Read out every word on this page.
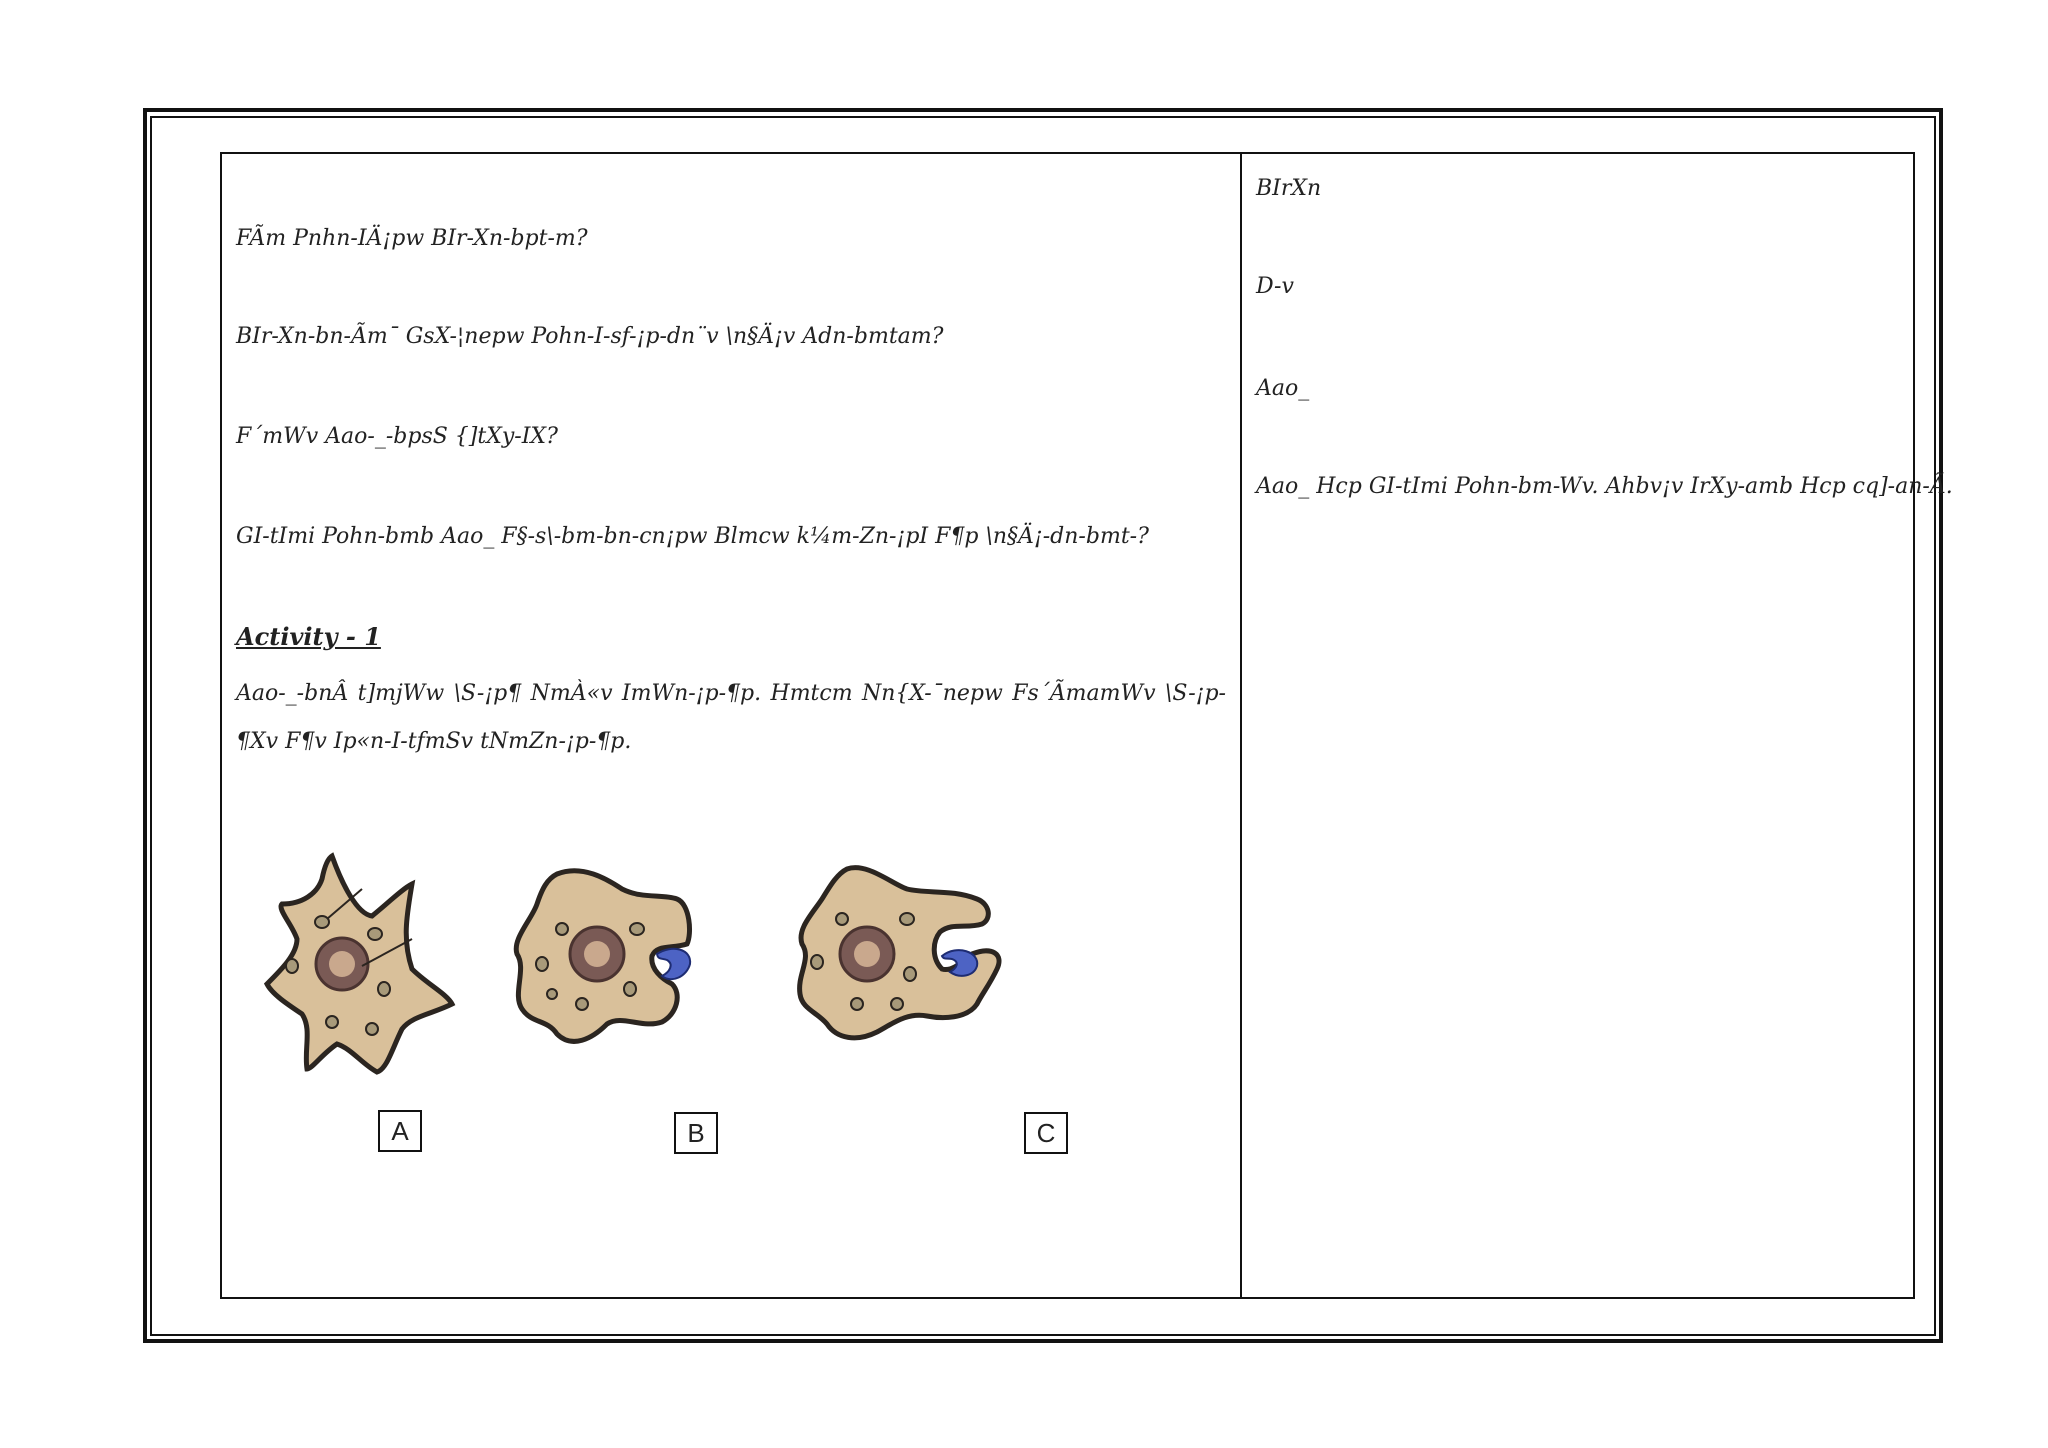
FÃm Pnhn-IÄ¡pw BIr-Xn-bpt-m?
BIr-Xn-bn-Ãm¯ GsX-¦nepw Pohn-I-sf-¡p-dn¨v \n§Ä¡v Adn-bmtam?
F´mWv Aao-_-bpsS {]tXy-IX?
GI-tImi Pohn-bmb Aao_ F§-s\-bm-bn-cn¡pw Blmcw k¼m-Zn-¡pI F¶p \n§Ä¡-dn-bmt-?
Activity - 1
Aao-_-bnÂ t]mjWw \S-¡p¶ NmÀ«v ImWn-¡p-¶p. Hmtcm Nn{X-¯nepw Fs´ÃmamWv \S-¡p-¶Xv F¶v Ip«n-I-tfmSv tNmZn-¡p-¶p.
A	B	C
BIrXn
D-v
Aao_
Aao_ Hcp GI-tImi Pohn-bm-Wv. Ahbv¡v IrXy-amb Hcp cq]-an-Ã.
